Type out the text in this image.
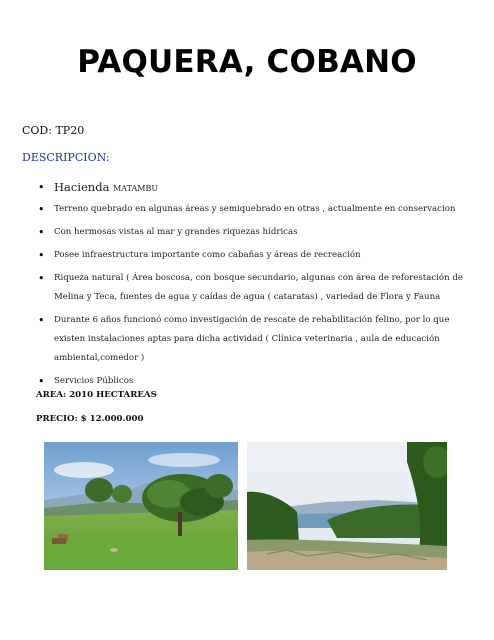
PAQUERA, COBANO
COD: TP20
DESCRIPCION:
• Hacienda MATAMBU
• Terreno quebrado en algunas áreas y semiquebrado en otras , actualmente en conservacion
• Con hermosas vistas al mar y grandes riquezas hídricas
• Posee infraestructura importante como cabañas y áreas de recreación
• Riqueza natural ( Área boscosa, con bosque secundario, algunas con área de reforestación de Melina y Teca, fuentes de agua y caídas de agua ( cataratas) , variedad de Flora y Fauna
• Durante 6 años funcionó como investigación de rescate de rehabilitación felino, por lo que existen instalaciones aptas para dicha actividad ( Clínica veterinaria , aula de educación ambiental,comedor )
• Servicios Públicos
AREA: 2010 HECTAREAS
PRECIO: $ 12.000.000
